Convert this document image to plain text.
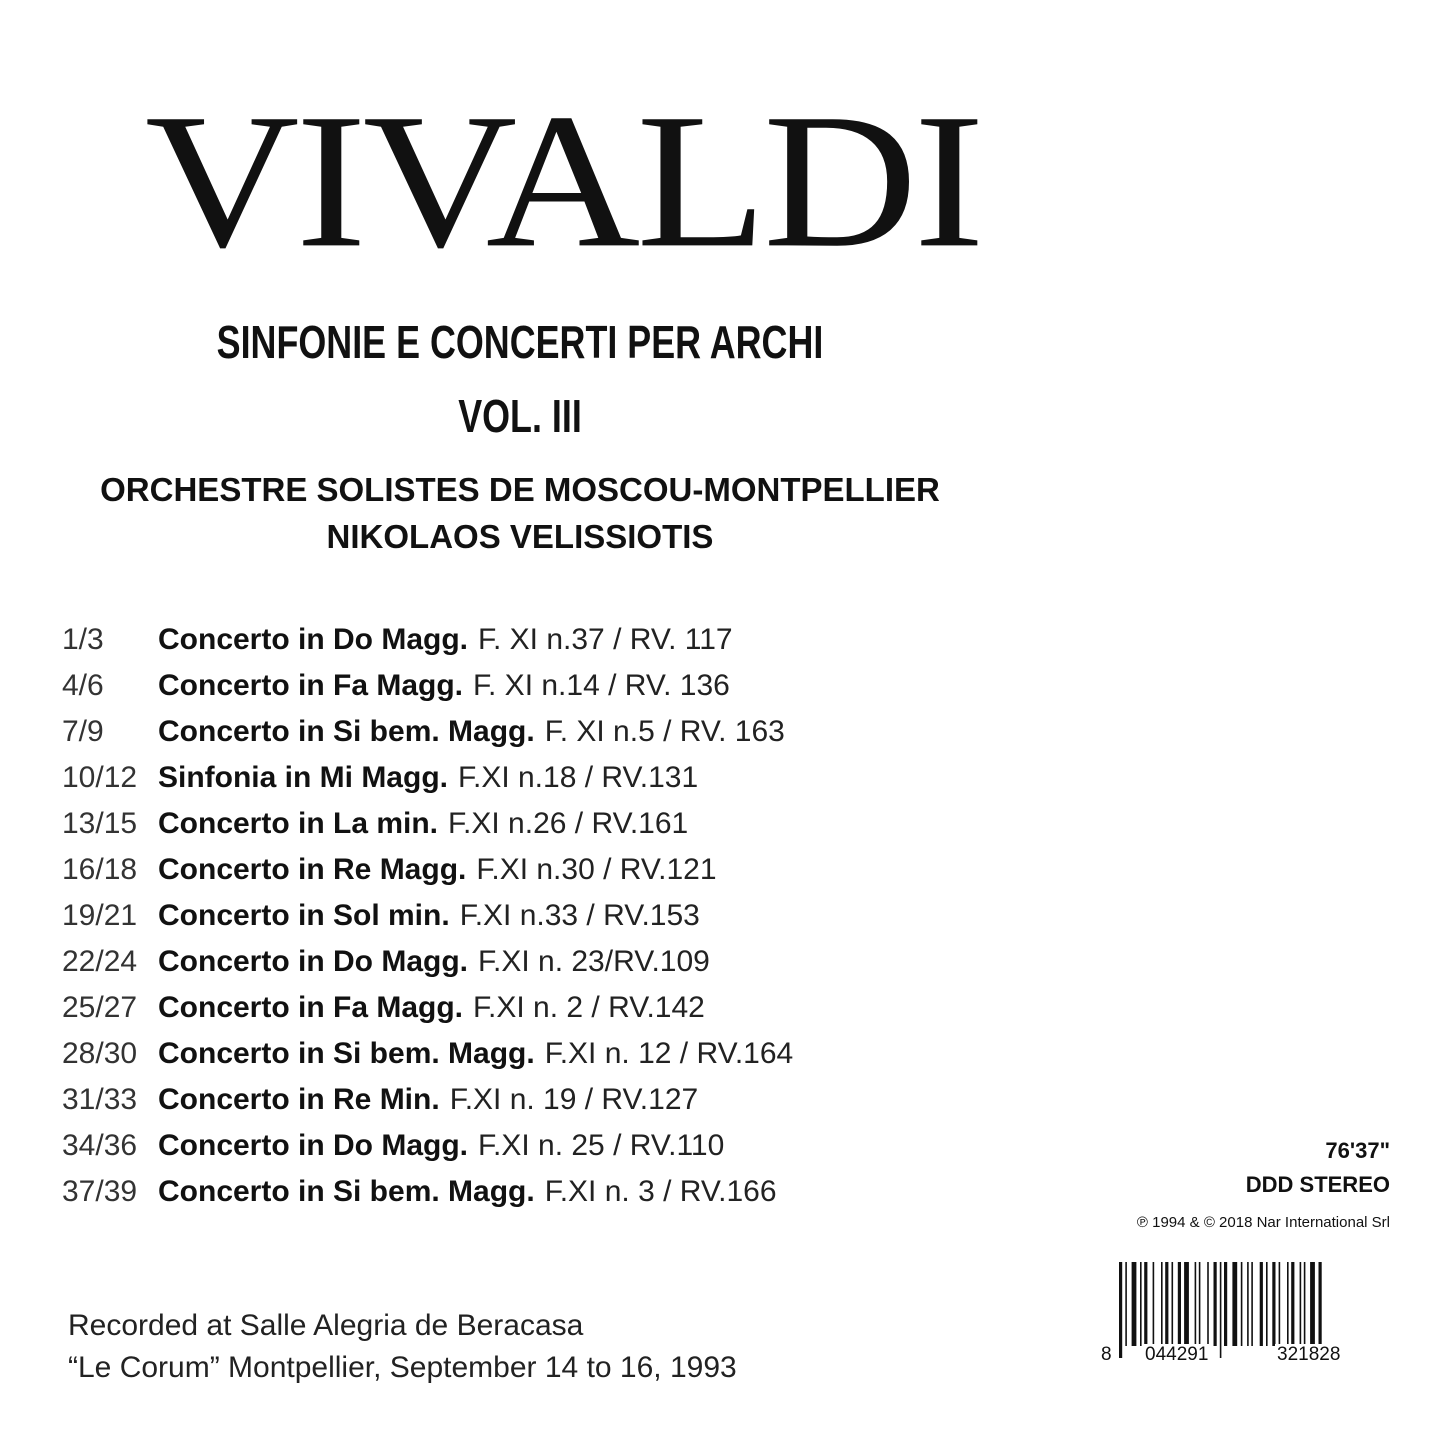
VIVALDI
SINFONIE E CONCERTI PER ARCHI
VOL. III
ORCHESTRE SOLISTES DE MOSCOU-MONTPELLIER
NIKOLAOS VELISSIOTIS
1/3	Concerto in Do Magg. F. XI n.37 / RV. 117
4/6	Concerto in Fa Magg. F. XI n.14 / RV. 136
7/9	Concerto in Si bem. Magg. F. XI n.5 / RV. 163
10/12 Sinfonia in Mi Magg. F.XI n.18 / RV.131
13/15 Concerto in La min. F.XI n.26 / RV.161
16/18 Concerto in Re Magg. F.XI n.30 / RV.121
19/21 Concerto in Sol min. F.XI n.33 / RV.153
22/24 Concerto in Do Magg. F.XI n. 23/RV.109
25/27 Concerto in Fa Magg. F.XI n. 2 / RV.142
28/30 Concerto in Si bem. Magg. F.XI n. 12 / RV.164
31/33 Concerto in Re Min. F.XI n. 19 / RV.127
34/36 Concerto in Do Magg. F.XI n. 25 / RV.110
37/39 Concerto in Si bem. Magg. F.XI n. 3 / RV.166
Recorded at Salle Alegria de Beracasa
“Le Corum” Montpellier, September 14 to 16, 1993
76'37"
DDD STEREO
℗ 1994 & © 2018 Nar International Srl
8 044291	321828
